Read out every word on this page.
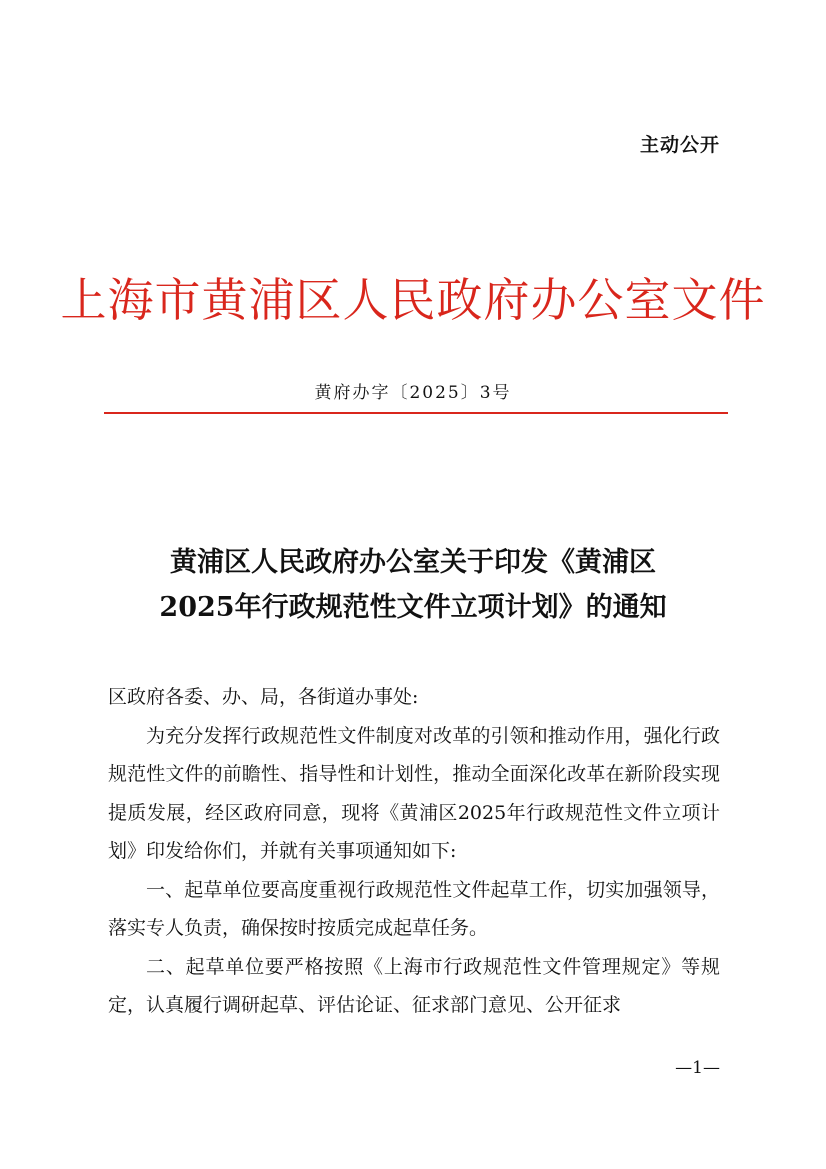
主动公开
上海市黄浦区人民政府办公室文件
黄府办字〔2025〕3号
黄浦区人民政府办公室关于印发《黄浦区
2025年行政规范性文件立项计划》的通知
区政府各委、办、局，各街道办事处:

为充分发挥行政规范性文件制度对改革的引领和推动作用，强化行政规范性文件的前瞻性、指导性和计划性，推动全面深化改革在新阶段实现提质发展，经区政府同意，现将《黄浦区2025年行政规范性文件立项计划》印发给你们，并就有关事项通知如下:

一、起草单位要高度重视行政规范性文件起草工作，切实加强领导，落实专人负责，确保按时按质完成起草任务。

二、起草单位要严格按照《上海市行政规范性文件管理规定》等规定，认真履行调研起草、评估论证、征求部门意见、公开征求

—1—
